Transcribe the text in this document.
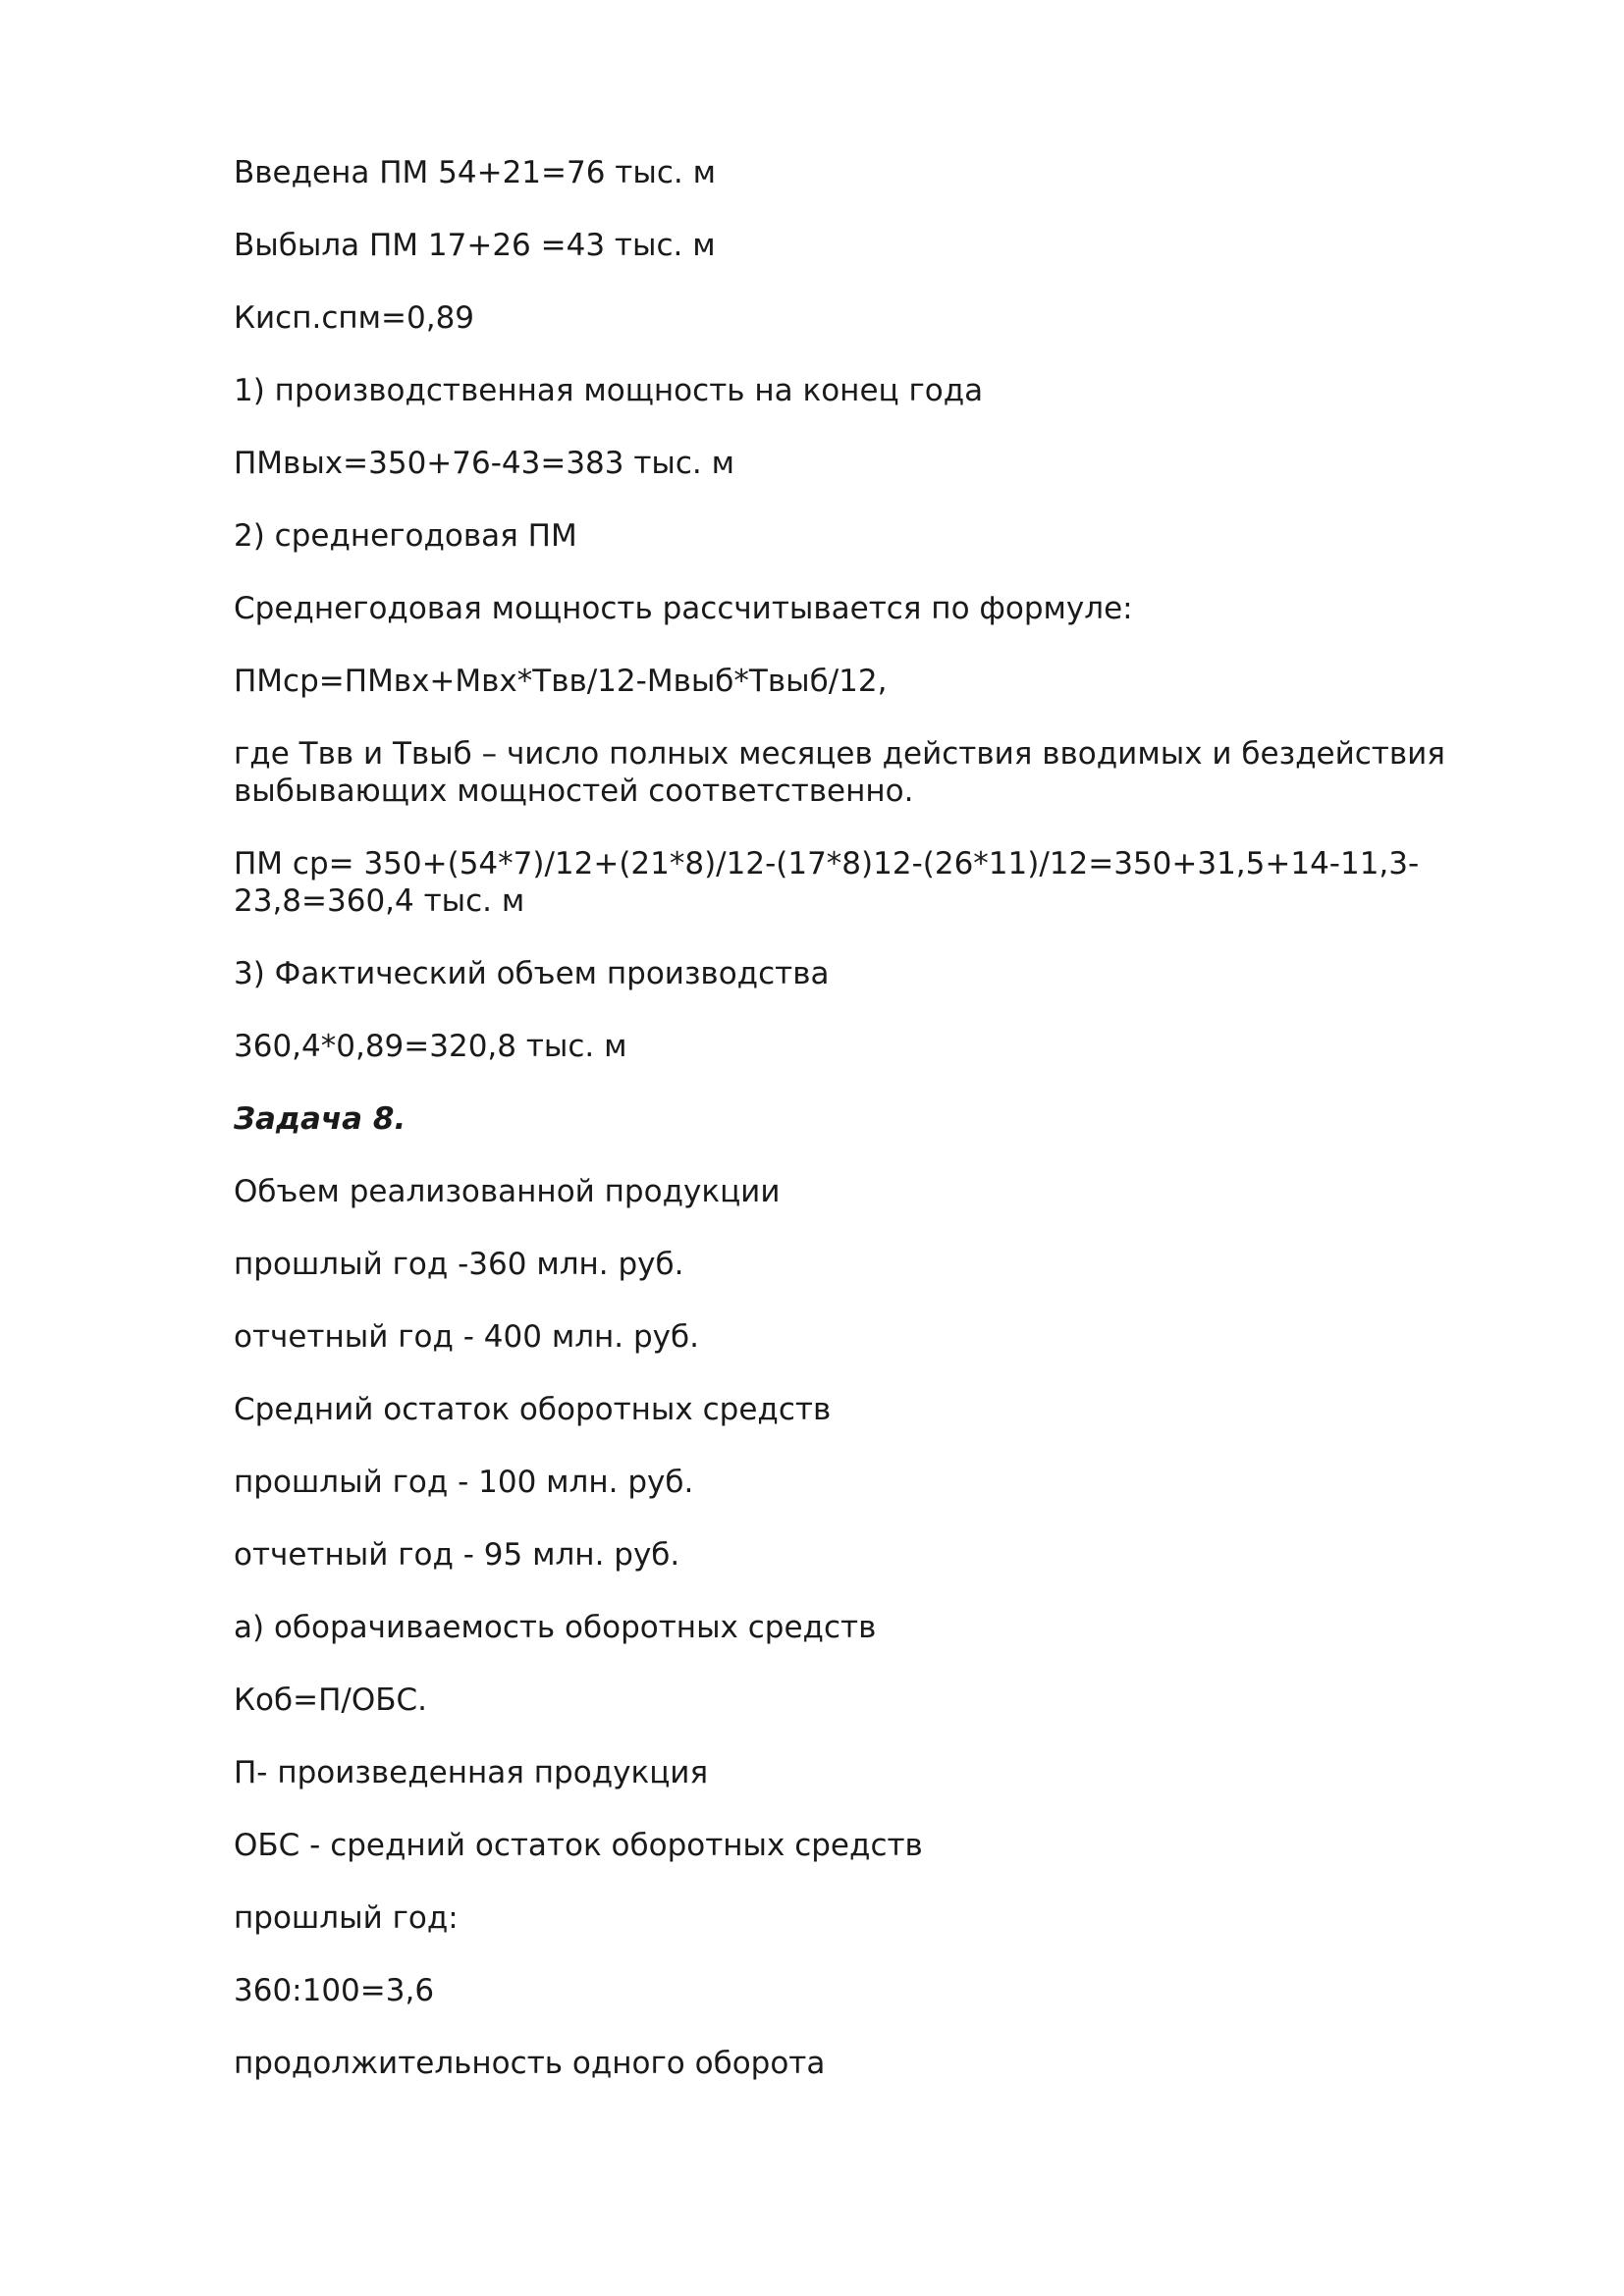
Введена ПМ 54+21=76 тыс. м

Выбыла ПМ 17+26 =43 тыс. м

Кисп.спм=0,89

1) производственная мощность на конец года

ПМвых=350+76-43=383 тыс. м

2) среднегодовая ПМ

Среднегодовая мощность рассчитывается по формуле:

ПМср=ПМвх+Мвх*Твв/12-Мвыб*Твыб/12,

где Твв и Твыб – число полных месяцев действия вводимых и бездействия выбывающих мощностей соответственно.

ПМ ср= 350+(54*7)/12+(21*8)/12-(17*8)12-(26*11)/12=350+31,5+14-11,3-23,8=360,4 тыс. м

3) Фактический объем производства

360,4*0,89=320,8 тыс. м

Задача 8.

Объем реализованной продукции

прошлый год -360 млн. руб.

отчетный год - 400 млн. руб.

Средний остаток оборотных средств

прошлый год - 100 млн. руб.

отчетный год - 95 млн. руб.

а) оборачиваемость оборотных средств

Коб=П/ОБС.

П- произведенная продукция

ОБС - средний остаток оборотных средств

прошлый год:

360:100=3,6

продолжительность одного оборота
